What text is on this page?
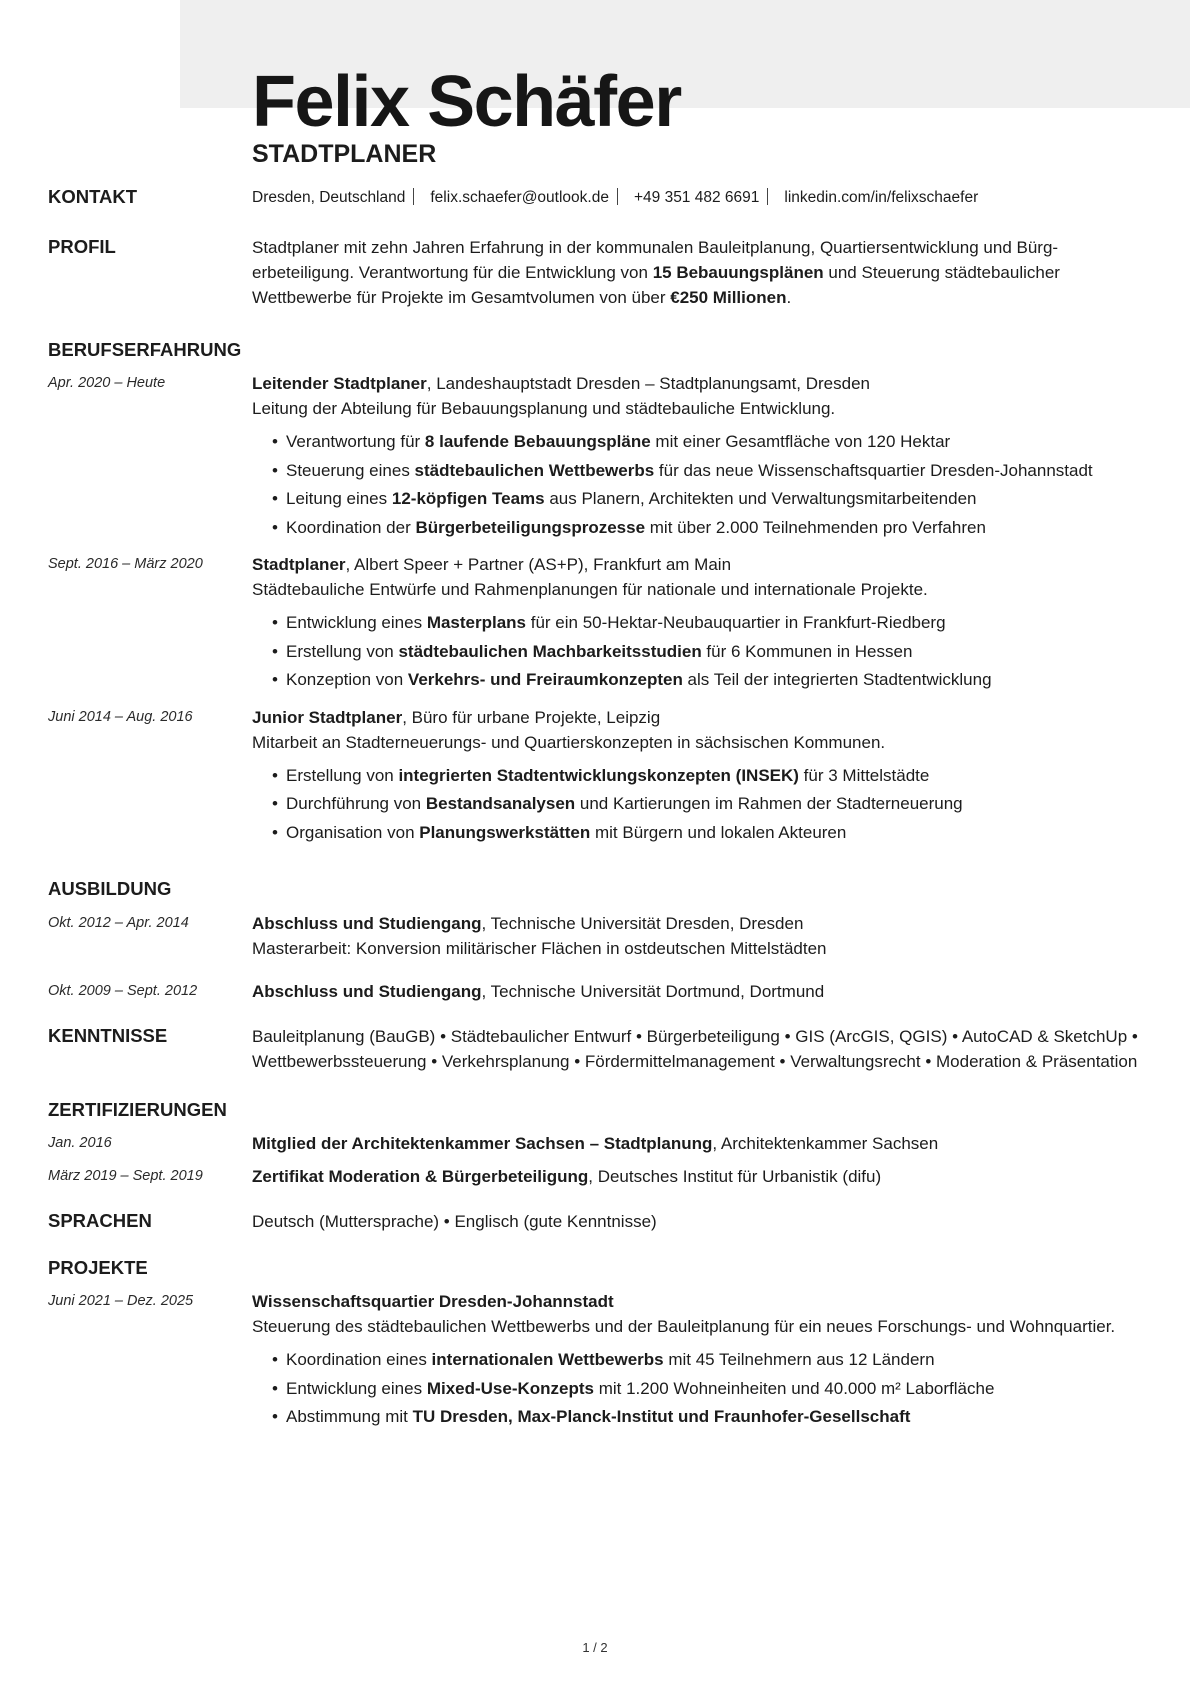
Felix Schäfer
STADTPLANER
KONTAKT	Dresden, Deutschland felix.schaefer@outlook.de +49 351 482 6691 linkedin.com/in/felixschaefer
PROFIL	Stadtplaner mit zehn Jahren Erfahrung in der kommunalen Bauleitplanung, Quartiersentwicklung und Bürgerbeteiligung. Verantwortung für die Entwicklung von 15 Bebauungsplänen und Steuerung städtebaulicher Wettbewerbe für Projekte im Gesamtvolumen von über €250 Millionen.
BERUFSERFAHRUNG
Apr. 2020 – Heute	Leitender Stadtplaner, Landeshauptstadt Dresden – Stadtplanungsamt, Dresden
Leitung der Abteilung für Bebauungsplanung und städtebauliche Entwicklung.
• Verantwortung für 8 laufende Bebauungspläne mit einer Gesamtfläche von 120 Hektar
• Steuerung eines städtebaulichen Wettbewerbs für das neue Wissenschaftsquartier Dresden-Johannstadt
• Leitung eines 12-köpfigen Teams aus Planern, Architekten und Verwaltungsmitarbeitenden
• Koordination der Bürgerbeteiligungsprozesse mit über 2.000 Teilnehmenden pro Verfahren
Sept. 2016 – März 2020	Stadtplaner, Albert Speer + Partner (AS+P), Frankfurt am Main
Städtebauliche Entwürfe und Rahmenplanungen für nationale und internationale Projekte.
• Entwicklung eines Masterplans für ein 50-Hektar-Neubauquartier in Frankfurt-Riedberg
• Erstellung von städtebaulichen Machbarkeitsstudien für 6 Kommunen in Hessen
• Konzeption von Verkehrs- und Freiraumkonzepten als Teil der integrierten Stadtentwicklung
Juni 2014 – Aug. 2016	Junior Stadtplaner, Büro für urbane Projekte, Leipzig
Mitarbeit an Stadterneuerungs- und Quartierskonzepten in sächsischen Kommunen.
• Erstellung von integrierten Stadtentwicklungskonzepten (INSEK) für 3 Mittelstädte
• Durchführung von Bestandsanalysen und Kartierungen im Rahmen der Stadterneuerung
• Organisation von Planungswerkstätten mit Bürgern und lokalen Akteuren
AUSBILDUNG
Okt. 2012 – Apr. 2014	Abschluss und Studiengang, Technische Universität Dresden, Dresden
Masterarbeit: Konversion militärischer Flächen in ostdeutschen Mittelstädten
Okt. 2009 – Sept. 2012	Abschluss und Studiengang, Technische Universität Dortmund, Dortmund
KENNTNISSE	Bauleitplanung (BauGB) • Städtebaulicher Entwurf • Bürgerbeteiligung • GIS (ArcGIS, QGIS) • AutoCAD & SketchUp • Wettbewerbssteuerung • Verkehrsplanung • Fördermittelmanagement • Verwaltungsrecht • Moderation & Präsentation
ZERTIFIZIERUNGEN
Jan. 2016	Mitglied der Architektenkammer Sachsen – Stadtplanung, Architektenkammer Sachsen
März 2019 – Sept. 2019	Zertifikat Moderation & Bürgerbeteiligung, Deutsches Institut für Urbanistik (difu)
SPRACHEN	Deutsch (Muttersprache) • Englisch (gute Kenntnisse)
PROJEKTE
Juni 2021 – Dez. 2025	Wissenschaftsquartier Dresden-Johannstadt
Steuerung des städtebaulichen Wettbewerbs und der Bauleitplanung für ein neues Forschungs- und Wohnquartier.
• Koordination eines internationalen Wettbewerbs mit 45 Teilnehmern aus 12 Ländern
• Entwicklung eines Mixed-Use-Konzepts mit 1.200 Wohneinheiten und 40.000 m² Laborfläche
• Abstimmung mit TU Dresden, Max-Planck-Institut und Fraunhofer-Gesellschaft
1 / 2
